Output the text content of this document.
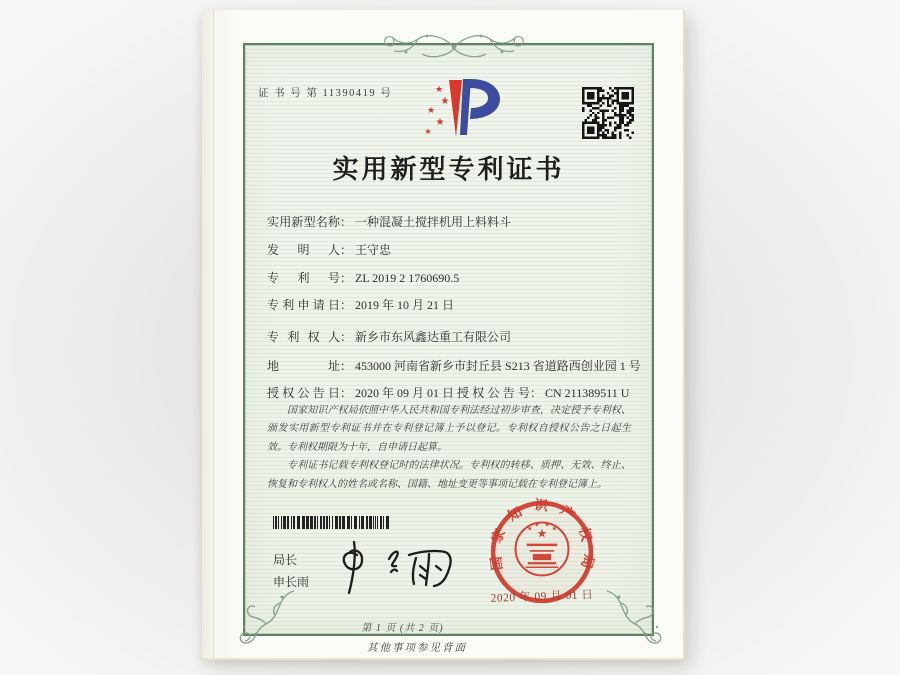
证 书 号 第 11390419 号	★
★
★
★
★
实用新型专利证书
实用新型名称： 一种混凝土搅拌机用上料料斗
发明人： 王守忠
专利号： ZL 2019 2 1760690.5
专利申请日： 2019 年 10 月 21 日
专利权人： 新乡市东风鑫达重工有限公司
地址： 453000 河南省新乡市封丘县 S213 省道路西创业园 1 号
授权公告日： 2020 年 09 月 01 日 授权公告号： CN 211389511 U

国家知识产权局依照中华人民共和国专利法经过初步审查，决定授予专利权、颁发实用新型专利证书并在专利登记簿上予以登记。专利权自授权公告之日起生效。专利权期限为十年，自申请日起算。

专利证书记载专利权登记时的法律状况。专利权的转移、质押、无效、终止、恢复和专利权人的姓名或名称、国籍、地址变更等事项记载在专利登记簿上。

局长
申长雨
国家知识产权局
★
★
★ ★
★
2020 年 09 月 01 日
第 1 页 (共 2 页)
其他事项参见背面
